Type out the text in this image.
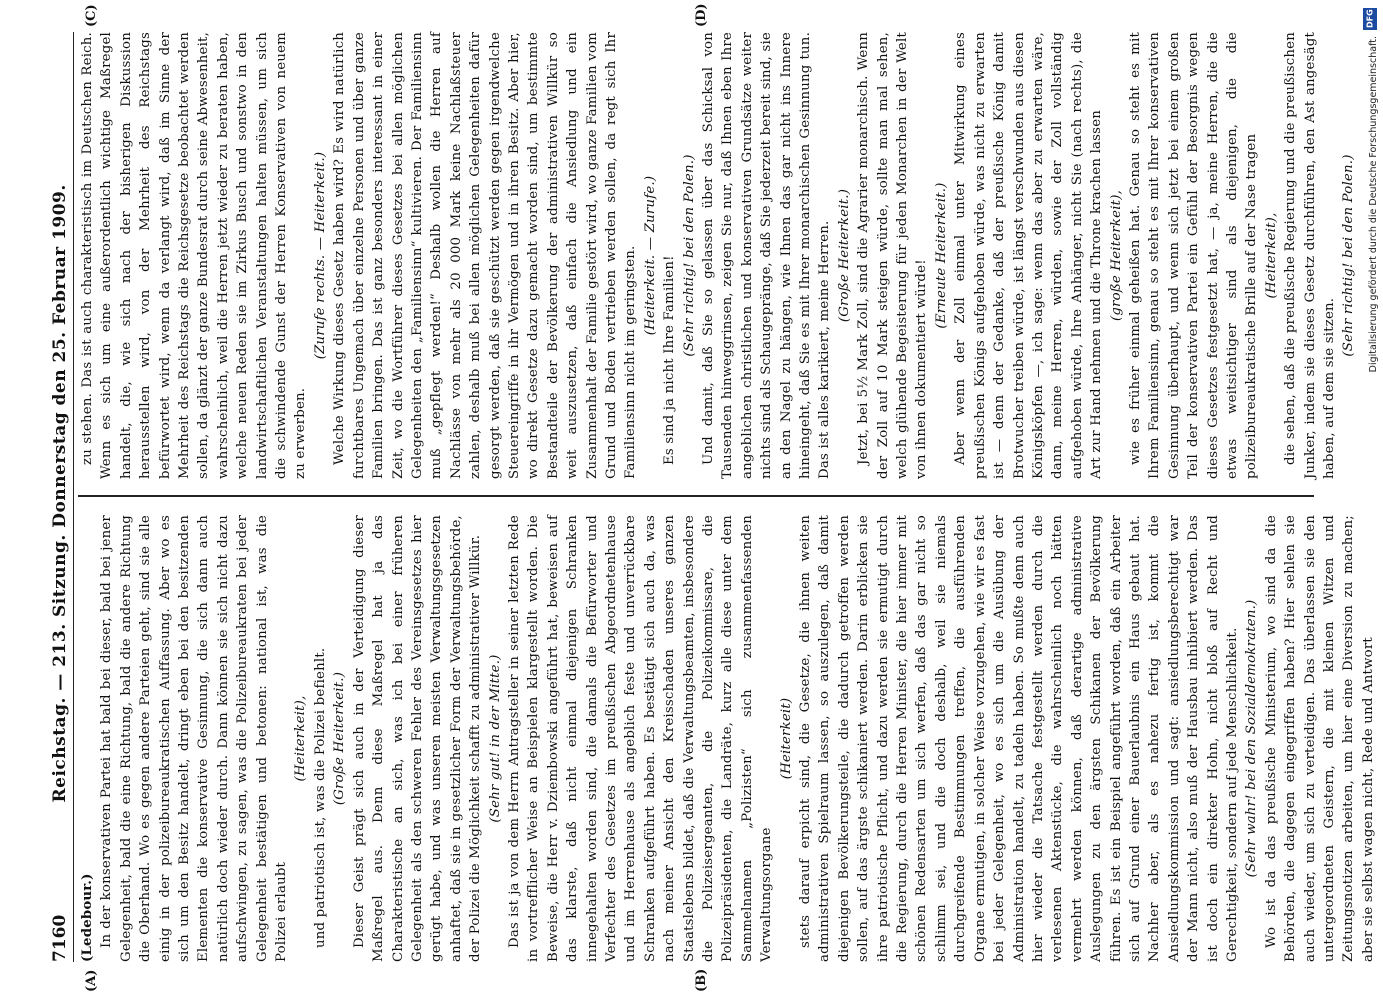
7160
Reichstag. — 213. Sitzung. Donnerstag den 25. Februar 1909.

(Ledebour.) In der konservativen Partei hat bald bei dieser, bald bei jener Gelegenheit, bald die eine Richtung, bald die andere Richtung die Oberhand. Wo es gegen andere Parteien geht, sind sie alle einig in der polizeibureaukratischen Auffassung. Aber wo es sich um den Besitz handelt, dringt eben bei den besitzenden Elementen die konservative Gesinnung, die sich dann auch natürlich doch wieder durch. Dann können sie sich nicht dazu aufschwingen, zu sagen, was die Polizeibureaukraten bei jeder Gelegenheit bestätigen und betonen: national ist, was die Polizei erlaubt

(Heiterkeit), und patriotisch ist, was die Polizei befiehlt. (Große Heiterkeit.) Dieser Geist prägt sich auch in der Verteidigung dieser Maßregel aus. Denn diese Maßregel hat ja das Charakteristische an sich, was ich bei einer früheren Gelegenheit als den schweren Fehler des Vereinsgesetzes hier gerügt habe, und was unseren meisten Verwaltungsgesetzen anhaftet, daß sie in gesetzlicher Form der Verwaltungsbehörde, der Polizei die Möglichkeit schafft zu administrativer Willkür. (Sehr gut! in der Mitte.) Das ist ja von dem Herrn Antragsteller in seiner letzten Rede in vortrefflicher Weise an Beispielen klargestellt worden. Die Beweise, die Herr v. Dziembowski angeführt hat, beweisen auf das klarste, daß nicht einmal diejenigen Schranken innegehalten worden sind, die damals die Befürworter und Verfechter des Gesetzes im preußischen Abgeordnetenhause und im Herrenhause als angeblich feste und unverrückbare Schranken aufgeführt haben. Es bestätigt sich auch da, was nach meiner Ansicht den Kreisschaden unseres ganzen Staatslebens bildet, daß die Verwaltungsbeamten, insbesondere die Polizeisergeanten, die Polizeikommissare, die Polizeipräsidenten, die Landräte, kurz alle diese unter dem Sammelnamen „Polizisten“ sich zusammenfassenden Verwaltungsorgane

(Heiterkeit) stets darauf erpicht sind, die Gesetze, die ihnen weiten administrativen Spielraum lassen, so auszulegen, daß damit diejenigen Bevölkerungsteile, die dadurch getroffen werden sollen, auf das ärgste schikaniert werden. Darin erblicken sie ihre patriotische Pflicht, und dazu werden sie ermutigt durch die Regierung, durch die Herren Minister, die hier immer mit schönen Redensarten um sich werfen, daß das gar nicht so schlimm sei, und die doch deshalb, weil sie niemals durchgreifende Bestimmungen treffen, die ausführenden Organe ermutigen, in solcher Weise vorzugehen, wie wir es fast bei jeder Gelegenheit, wo es sich um die Ausübung der Administration handelt, zu tadeln haben. So mußte denn auch hier wieder die Tatsache festgestellt werden durch die verlesenen Aktenstücke, die wahrscheinlich noch hätten vermehrt werden können, daß derartige administrative Auslegungen zu den ärgsten Schikanen der Bevölkerung führen. Es ist ein Beispiel angeführt worden, daß ein Arbeiter sich auf Grund einer Bauerlaubnis ein Haus gebaut hat. Nachher aber, als es nahezu fertig ist, kommt die Ansiedlungskommission und sagt: ansiedlungsberechtigt war der Mann nicht, also muß der Hausbau inhibiert werden. Das ist doch ein direkter Hohn, nicht bloß auf Recht und Gerechtigkeit, sondern auf jede Menschlichkeit. (Sehr wahr! bei den Sozialdemokraten.) Wo ist da das preußische Ministerium, wo sind da die Behörden, die dagegen eingegriffen haben? Hier sehlen sie auch wieder, um sich zu verteidigen. Das überlassen sie den untergeordneten Geistern, die mit kleinen Witzen und Zeitungsnotizen arbeiten, um hier eine Diversion zu machen; aber sie selbst wagen nicht, Rede und Antwort

zu stehen. Das ist auch charakteristisch im Deutschen Reich. Wenn es sich um eine außerordentlich wichtige Maßregel handelt, die, wie sich nach der bisherigen Diskussion herausstellen wird, von der Mehrheit des Reichstags befürwortet wird, wenn da verlangt wird, daß im Sinne der Mehrheit des Reichstags die Reichsgesetze beobachtet werden sollen, da glänzt der ganze Bundesrat durch seine Abwesenheit, wahrscheinlich, weil die Herren jetzt wieder zu beraten haben, welche neuen Reden sie im Zirkus Busch und sonstwo in den landwirtschaftlichen Veranstaltungen halten müssen, um sich die schwindende Gunst der Herren Konservativen von neuem zu erwerben.

(Zurufe rechts. — Heiterkeit.) Welche Wirkung dieses Gesetz haben wird? Es wird natürlich furchtbares Ungemach über einzelne Personen und über ganze Familien bringen. Das ist ganz besonders interessant in einer Zeit, wo die Wortführer dieses Gesetzes bei allen möglichen Gelegenheiten den „Familiensinn“ kultivieren. Der Familiensinn muß „gepflegt werden!“ Deshalb wollen die Herren auf Nachlässe von mehr als 20 000 Mark keine Nachlaßsteuer zahlen, deshalb muß bei allen möglichen Gelegenheiten dafür gesorgt werden, daß sie geschützt werden gegen irgendwelche Steuereingriffe in ihr Vermögen und in ihren Besitz. Aber hier, wo direkt Gesetze dazu gemacht worden sind, um bestimmte Bestandteile der Bevölkerung der administrativen Willkür so weit auszusetzen, daß einfach die Ansiedlung und ein Zusammenhalt der Familie gestört wird, wo ganze Familien vom Grund und Boden vertrieben werden sollen, da regt sich Ihr Familiensinn nicht im geringsten. (Heiterkeit. — Zurufe.) Es sind ja nicht Ihre Familien! (Sehr richtig! bei den Polen.) Und damit, daß Sie so gelassen über das Schicksal von Tausenden hinweggrinsen, zeigen Sie nur, daß Ihnen eben Ihre angeblichen christlichen und konservativen Grundsätze weiter nichts sind als Schaugepränge, daß Sie jederzeit bereit sind, sie an den Nagel zu hängen, wie Ihnen das gar nicht ins Innere hineingeht, daß Sie es mit Ihrer monarchischen Gesinnung tun. Das ist alles karikiert, meine Herren. (Große Heiterkeit.) Jetzt, bei 5½ Mark Zoll, sind die Agrarier monarchisch. Wenn der Zoll auf 10 Mark steigen würde, sollte man mal sehen, welch glühende Begeisterung für jeden Monarchen in der Welt von ihnen dokumentiert würde!

(Erneute Heiterkeit.) Aber wenn der Zoll einmal unter Mitwirkung eines preußischen Königs aufgehoben würde, was nicht zu erwarten ist — denn der Gedanke, daß der preußische König damit Brotwucher treiben würde, ist längst verschwunden aus diesen Königsköpfen —, ich sage: wenn das aber zu erwarten wäre, dann, meine Herren, würden, sowie der Zoll vollständig aufgehoben würde, Ihre Anhänger, nicht Sie (nach rechts), die Art zur Hand nehmen und die Throne krachen lassen (große Heiterkeit), wie es früher einmal geheißen hat. Genau so steht es mit Ihrem Familiensinn, genau so steht es mit Ihrer konservativen Gesinnung überhaupt, und wenn sich jetzt bei einem großen Teil der konservativen Partei ein Gefühl der Besorgnis wegen dieses Gesetzes festgesetzt hat, — ja, meine Herren, die die etwas weitsichtiger sind als diejenigen, die die polizeibureaukratische Brille auf der Nase tragen (Heiterkeit), die sehen, daß die preußische Regierung und die preußischen Junker, indem sie dieses Gesetz durchführen, den Ast angesägt haben, auf dem sie sitzen.

(Sehr richtig! bei den Polen.)

(A)	(B)
(C)	(D)	DFG
Digitalisierung gefördert durch die Deutsche Forschungsgemeinschaft.
